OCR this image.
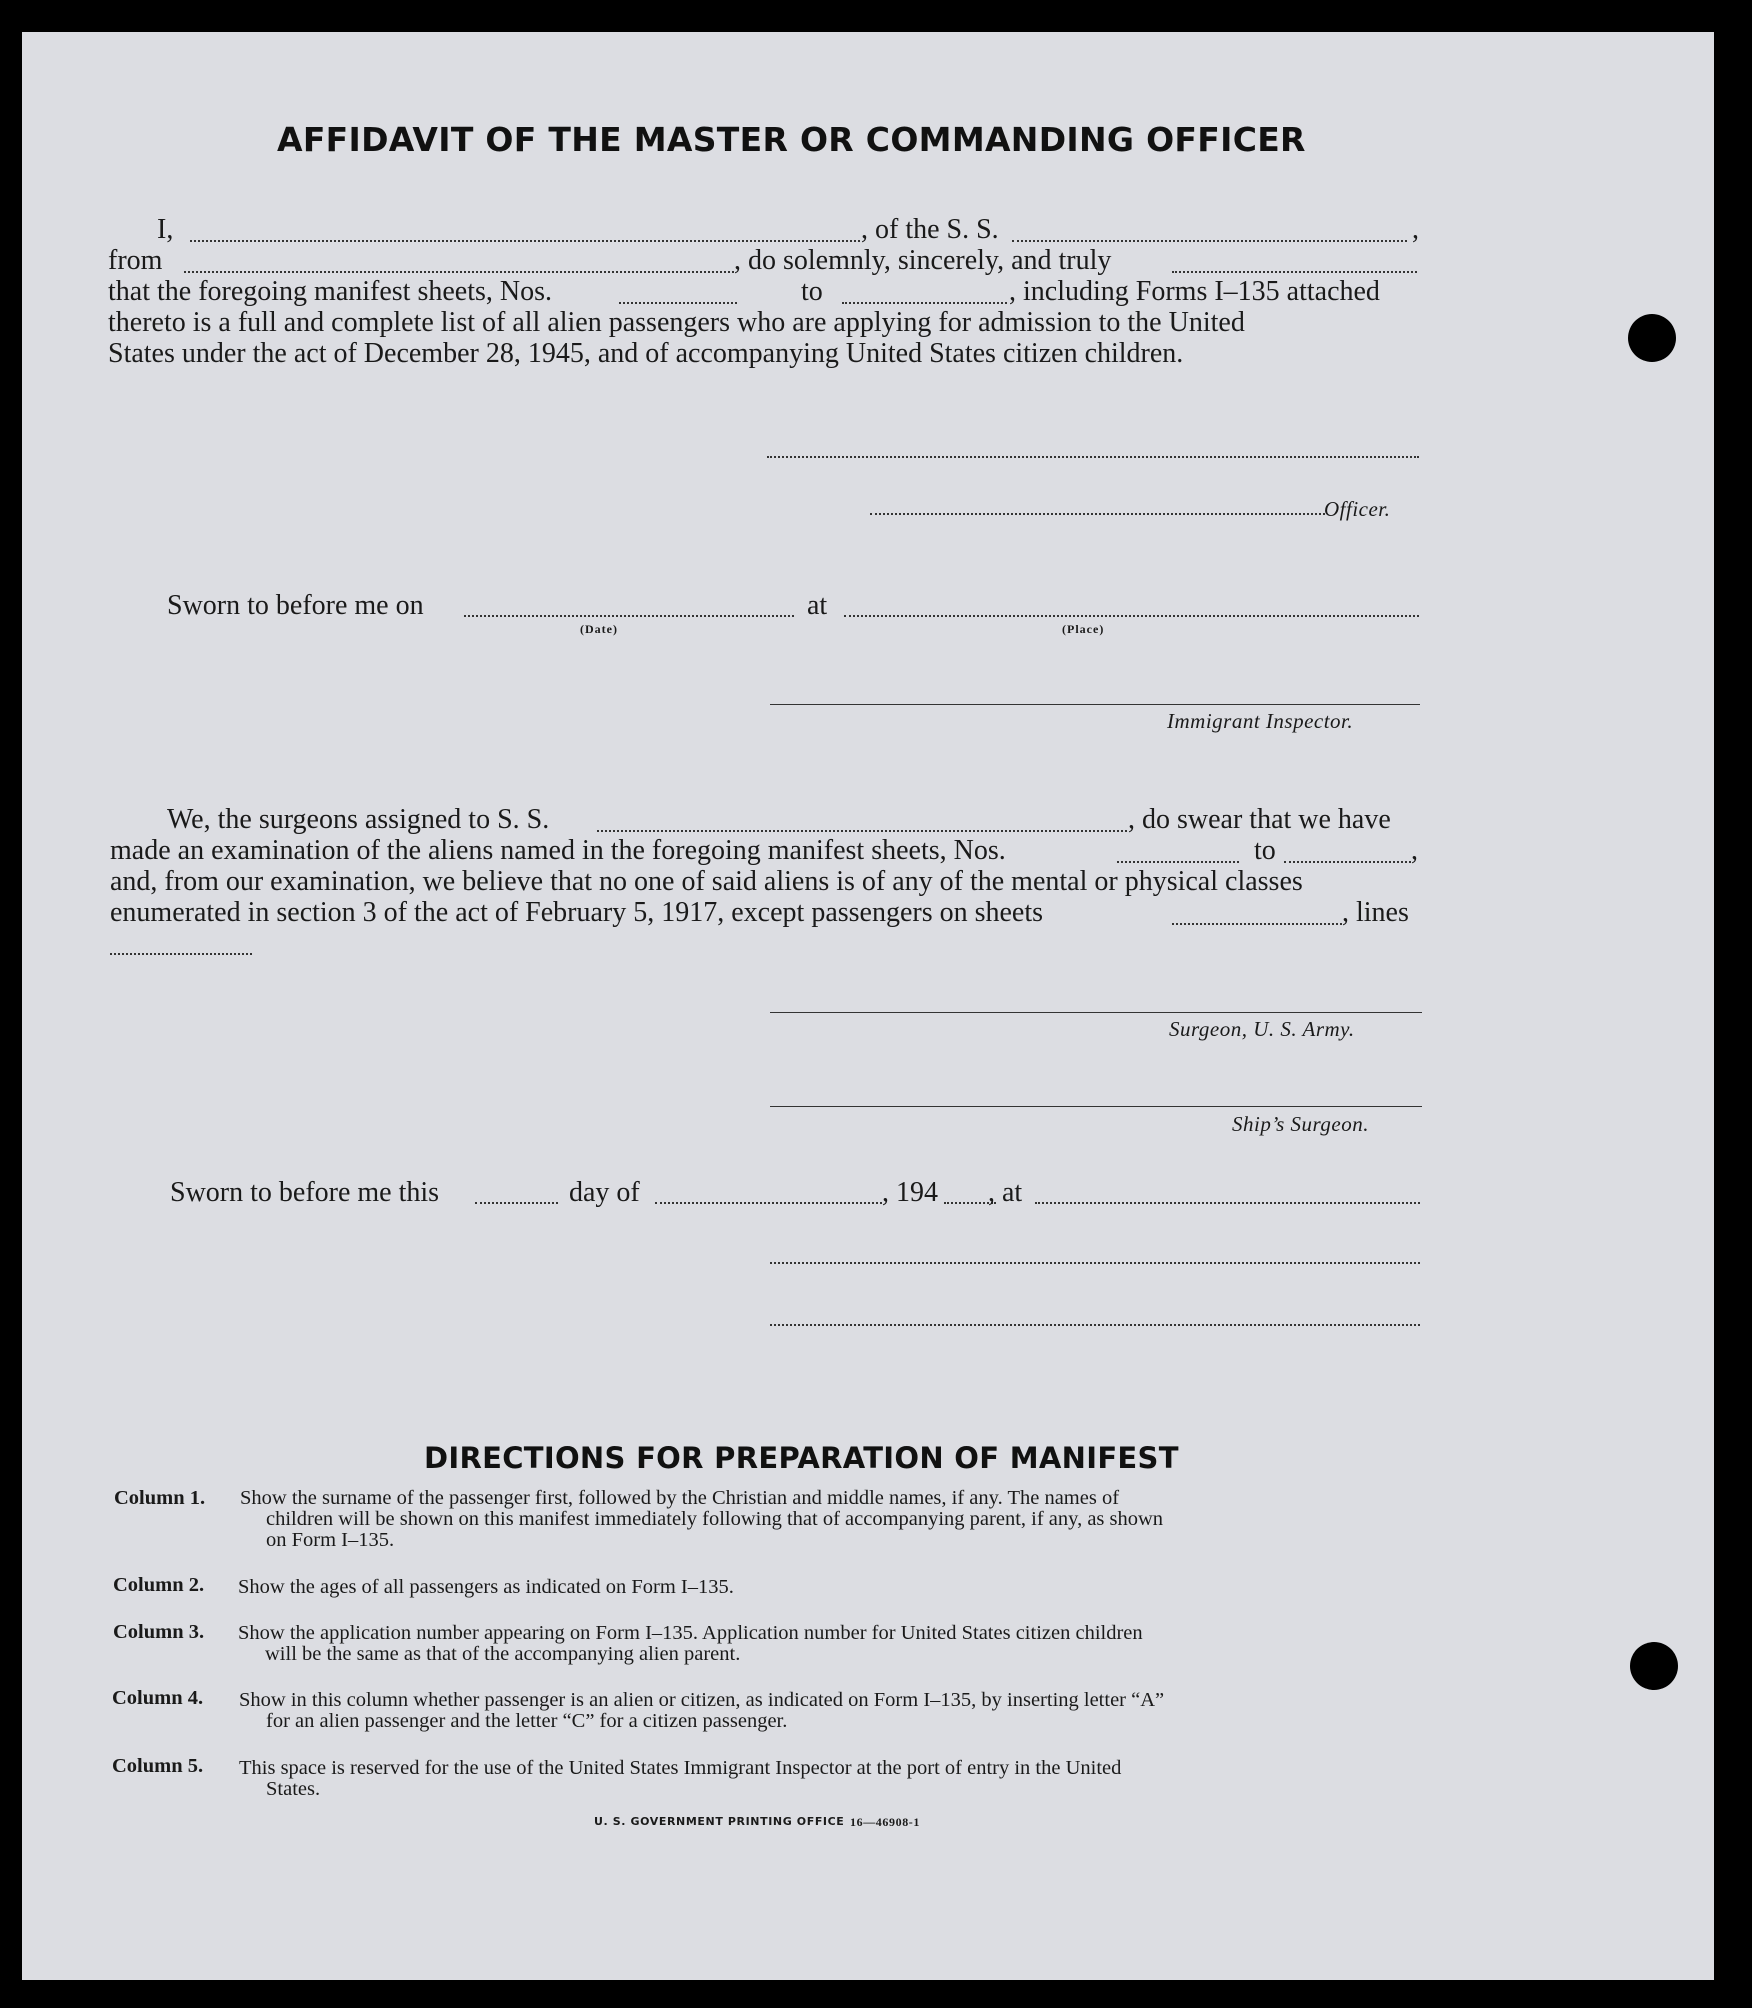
AFFIDAVIT OF THE MASTER OR COMMANDING OFFICER
I,	, of the S. S.	,
from	, do solemnly, sincerely, and truly
that the foregoing manifest sheets, Nos.	to	, including Forms I–135 attached
thereto is a full and complete list of all alien passengers who are applying for admission to the United
States under the act of December 28, 1945, and of accompanying United States citizen children.
Officer.
Sworn to before me on
(Date)
at
(Place)
Immigrant Inspector.
We, the surgeons assigned to S. S.	, do swear that we have
made an examination of the aliens named in the foregoing manifest sheets, Nos.	to	,
and, from our examination, we believe that no one of said aliens is of any of the mental or physical classes
enumerated in section 3 of the act of February 5, 1917, except passengers on sheets	, lines
Surgeon, U. S. Army.
Ship’s Surgeon.
Sworn to before me this	day of	, 194 , at
DIRECTIONS FOR PREPARATION OF MANIFEST
Column 1. Show the surname of the passenger first, followed by the Christian and middle names, if any. The names of
children will be shown on this manifest immediately following that of accompanying parent, if any, as shown
on Form I–135.
Column 2. Show the ages of all passengers as indicated on Form I–135.
Column 3. Show the application number appearing on Form I–135. Application number for United States citizen children
will be the same as that of the accompanying alien parent.
Column 4. Show in this column whether passenger is an alien or citizen, as indicated on Form I–135, by inserting letter “A”
for an alien passenger and the letter “C” for a citizen passenger.
Column 5. This space is reserved for the use of the United States Immigrant Inspector at the port of entry in the United
States.
U. S. GOVERNMENT PRINTING OFFICE 16—46908‑1
